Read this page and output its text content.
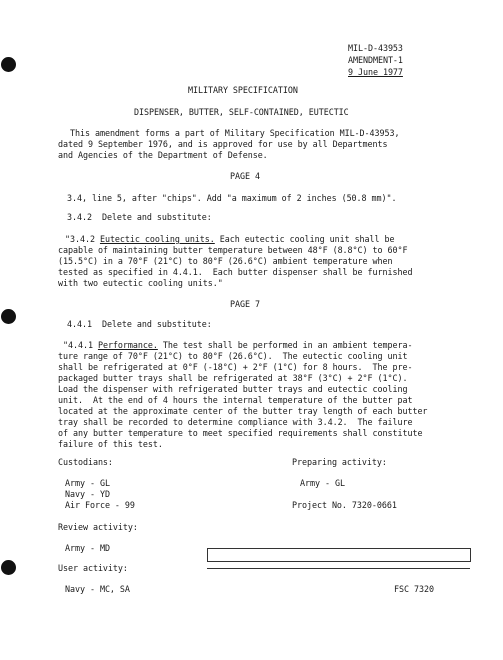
MIL-D-43953
AMENDMENT-1
9 June 1977
MILITARY SPECIFICATION
DISPENSER, BUTTER, SELF-CONTAINED, EUTECTIC
This amendment forms a part of Military Specification MIL-D-43953,
dated 9 September 1976, and is approved for use by all Departments
and Agencies of the Department of Defense.
PAGE 4
3.4, line 5, after "chips". Add "a maximum of 2 inches (50.8 mm)".
3.4.2  Delete and substitute:
"3.4.2 Eutectic cooling units. Each eutectic cooling unit shall be
capable of maintaining butter temperature between 48°F (8.8°C) to 60°F
(15.5°C) in a 70°F (21°C) to 80°F (26.6°C) ambient temperature when
tested as specified in 4.4.1.  Each butter dispenser shall be furnished
with two eutectic cooling units."
PAGE 7
4.4.1  Delete and substitute:
"4.4.1 Performance. The test shall be performed in an ambient tempera-
ture range of 70°F (21°C) to 80°F (26.6°C).  The eutectic cooling unit
shall be refrigerated at 0°F (-18°C) + 2°F (1°C) for 8 hours.  The pre-
packaged butter trays shall be refrigerated at 38°F (3°C) + 2°F (1°C).
Load the dispenser with refrigerated butter trays and eutectic cooling
unit.  At the end of 4 hours the internal temperature of the butter pat
located at the approximate center of the butter tray length of each butter
tray shall be recorded to determine compliance with 3.4.2.  The failure
of any butter temperature to meet specified requirements shall constitute
failure of this test.
Custodians:
Army - GL
Navy - YD
Air Force - 99
Review activity:
Army - MD
User activity:
Navy - MC, SA
Preparing activity:
Army - GL
Project No. 7320-0661
FSC 7320
